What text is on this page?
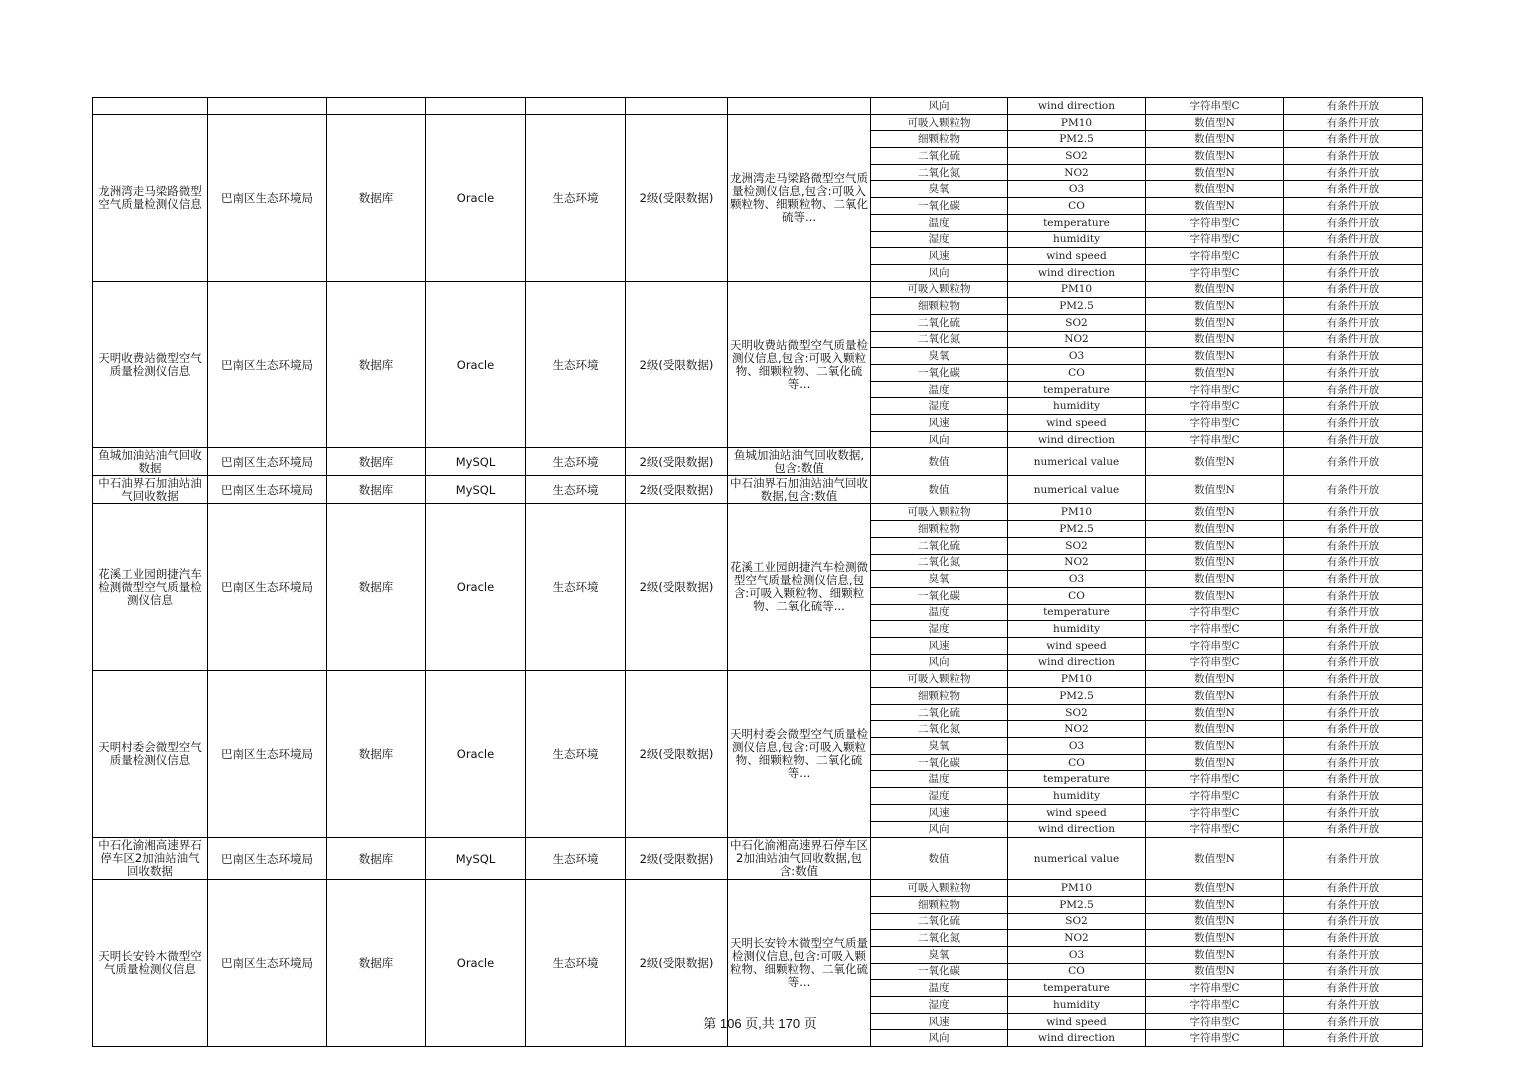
							风向	wind direction	字符串型C	有条件开放
龙洲湾走马梁路微型空气质量检测仪信息	巴南区生态环境局	数据库	Oracle	生态环境	2级(受限数据)	龙洲湾走马梁路微型空气质量检测仪信息,包含:可吸入颗粒物、细颗粒物、二氧化硫等...	可吸入颗粒物	PM10	数值型N	有条件开放
							细颗粒物	PM2.5	数值型N	有条件开放
							二氧化硫	SO2	数值型N	有条件开放
							二氧化氮	NO2	数值型N	有条件开放
							臭氧	O3	数值型N	有条件开放
							一氧化碳	CO	数值型N	有条件开放
							温度	temperature	字符串型C	有条件开放
							湿度	humidity	字符串型C	有条件开放
							风速	wind speed	字符串型C	有条件开放
							风向	wind direction	字符串型C	有条件开放
天明收费站微型空气质量检测仪信息	巴南区生态环境局	数据库	Oracle	生态环境	2级(受限数据)	天明收费站微型空气质量检测仪信息,包含:可吸入颗粒物、细颗粒物、二氧化硫等...	可吸入颗粒物	PM10	数值型N	有条件开放
							细颗粒物	PM2.5	数值型N	有条件开放
							二氧化硫	SO2	数值型N	有条件开放
							二氧化氮	NO2	数值型N	有条件开放
							臭氧	O3	数值型N	有条件开放
							一氧化碳	CO	数值型N	有条件开放
							温度	temperature	字符串型C	有条件开放
							湿度	humidity	字符串型C	有条件开放
							风速	wind speed	字符串型C	有条件开放
							风向	wind direction	字符串型C	有条件开放
鱼城加油站油气回收数据	巴南区生态环境局	数据库	MySQL	生态环境	2级(受限数据)	鱼城加油站油气回收数据,包含:数值	数值	numerical value	数值型N	有条件开放
中石油界石加油站油气回收数据	巴南区生态环境局	数据库	MySQL	生态环境	2级(受限数据)	中石油界石加油站油气回收数据,包含:数值	数值	numerical value	数值型N	有条件开放
花溪工业园朗捷汽车检测微型空气质量检测仪信息	巴南区生态环境局	数据库	Oracle	生态环境	2级(受限数据)	花溪工业园朗捷汽车检测微型空气质量检测仪信息,包含:可吸入颗粒物、细颗粒物、二氧化硫等...	可吸入颗粒物	PM10	数值型N	有条件开放
							细颗粒物	PM2.5	数值型N	有条件开放
							二氧化硫	SO2	数值型N	有条件开放
							二氧化氮	NO2	数值型N	有条件开放
							臭氧	O3	数值型N	有条件开放
							一氧化碳	CO	数值型N	有条件开放
							温度	temperature	字符串型C	有条件开放
							湿度	humidity	字符串型C	有条件开放
							风速	wind speed	字符串型C	有条件开放
							风向	wind direction	字符串型C	有条件开放
天明村委会微型空气质量检测仪信息	巴南区生态环境局	数据库	Oracle	生态环境	2级(受限数据)	天明村委会微型空气质量检测仪信息,包含:可吸入颗粒物、细颗粒物、二氧化硫等...	可吸入颗粒物	PM10	数值型N	有条件开放
							细颗粒物	PM2.5	数值型N	有条件开放
							二氧化硫	SO2	数值型N	有条件开放
							二氧化氮	NO2	数值型N	有条件开放
							臭氧	O3	数值型N	有条件开放
							一氧化碳	CO	数值型N	有条件开放
							温度	temperature	字符串型C	有条件开放
							湿度	humidity	字符串型C	有条件开放
							风速	wind speed	字符串型C	有条件开放
							风向	wind direction	字符串型C	有条件开放
中石化渝湘高速界石停车区2加油站油气回收数据	巴南区生态环境局	数据库	MySQL	生态环境	2级(受限数据)	中石化渝湘高速界石停车区2加油站油气回收数据,包含:数值	数值	numerical value	数值型N	有条件开放
天明长安铃木微型空气质量检测仪信息	巴南区生态环境局	数据库	Oracle	生态环境	2级(受限数据)	天明长安铃木微型空气质量检测仪信息,包含:可吸入颗粒物、细颗粒物、二氧化硫等...	可吸入颗粒物	PM10	数值型N	有条件开放
							细颗粒物	PM2.5	数值型N	有条件开放
							二氧化硫	SO2	数值型N	有条件开放
							二氧化氮	NO2	数值型N	有条件开放
							臭氧	O3	数值型N	有条件开放
							一氧化碳	CO	数值型N	有条件开放
							温度	temperature	字符串型C	有条件开放
							湿度	humidity	字符串型C	有条件开放
							风速	wind speed	字符串型C	有条件开放
							风向	wind direction	字符串型C	有条件开放
第 106 页,共 170 页
